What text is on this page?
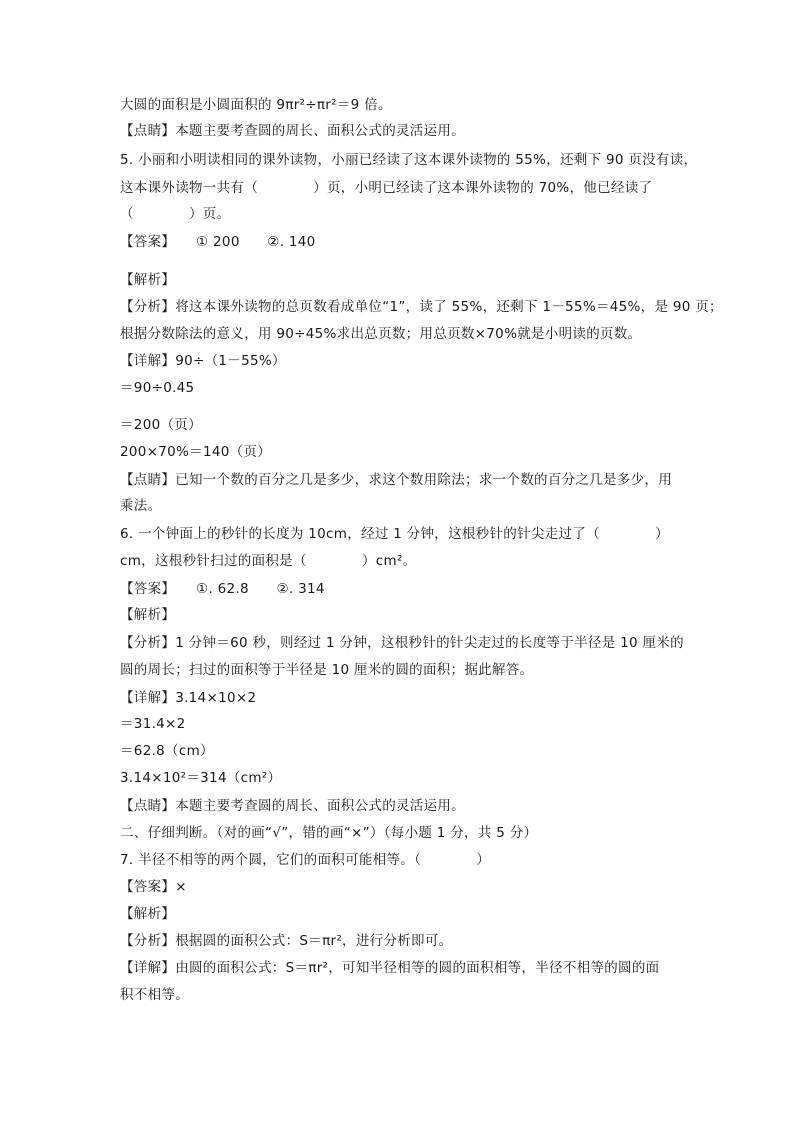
大圆的面积是小圆面积的 9πr²÷πr²＝9 倍。
【点睛】本题主要考查圆的周长、面积公式的灵活运用。
5. 小丽和小明读相同的课外读物，小丽已经读了这本课外读物的 55%，还剩下 90 页没有读，
这本课外读物一共有（　　　　）页，小明已经读了这本课外读物的 70%，他已经读了
（　　　　）页。
【答案】　　① 200　　②. 140
【解析】
【分析】将这本课外读物的总页数看成单位“1”，读了 55%，还剩下 1－55%＝45%，是 90 页；
根据分数除法的意义，用 90÷45%求出总页数；用总页数×70%就是小明读的页数。
【详解】90÷（1－55%）
＝90÷0.45
＝200（页）
200×70%＝140（页）
【点睛】已知一个数的百分之几是多少，求这个数用除法；求一个数的百分之几是多少，用
乘法。
6. 一个钟面上的秒针的长度为 10cm，经过 1 分钟，这根秒针的针尖走过了（　　　　）
cm，这根秒针扫过的面积是（　　　　）cm²。
【答案】　　①. 62.8　　②. 314
【解析】
【分析】1 分钟＝60 秒，则经过 1 分钟，这根秒针的针尖走过的长度等于半径是 10 厘米的
圆的周长；扫过的面积等于半径是 10 厘米的圆的面积；据此解答。
【详解】3.14×10×2
＝31.4×2
＝62.8（cm）
3.14×10²＝314（cm²）
【点睛】本题主要考查圆的周长、面积公式的灵活运用。
二、仔细判断。（对的画“√”，错的画“×”）（每小题 1 分，共 5 分）
7. 半径不相等的两个圆，它们的面积可能相等。（　　　　）
【答案】×
【解析】
【分析】根据圆的面积公式：S＝πr²，进行分析即可。
【详解】由圆的面积公式：S＝πr²，可知半径相等的圆的面积相等，半径不相等的圆的面
积不相等。
